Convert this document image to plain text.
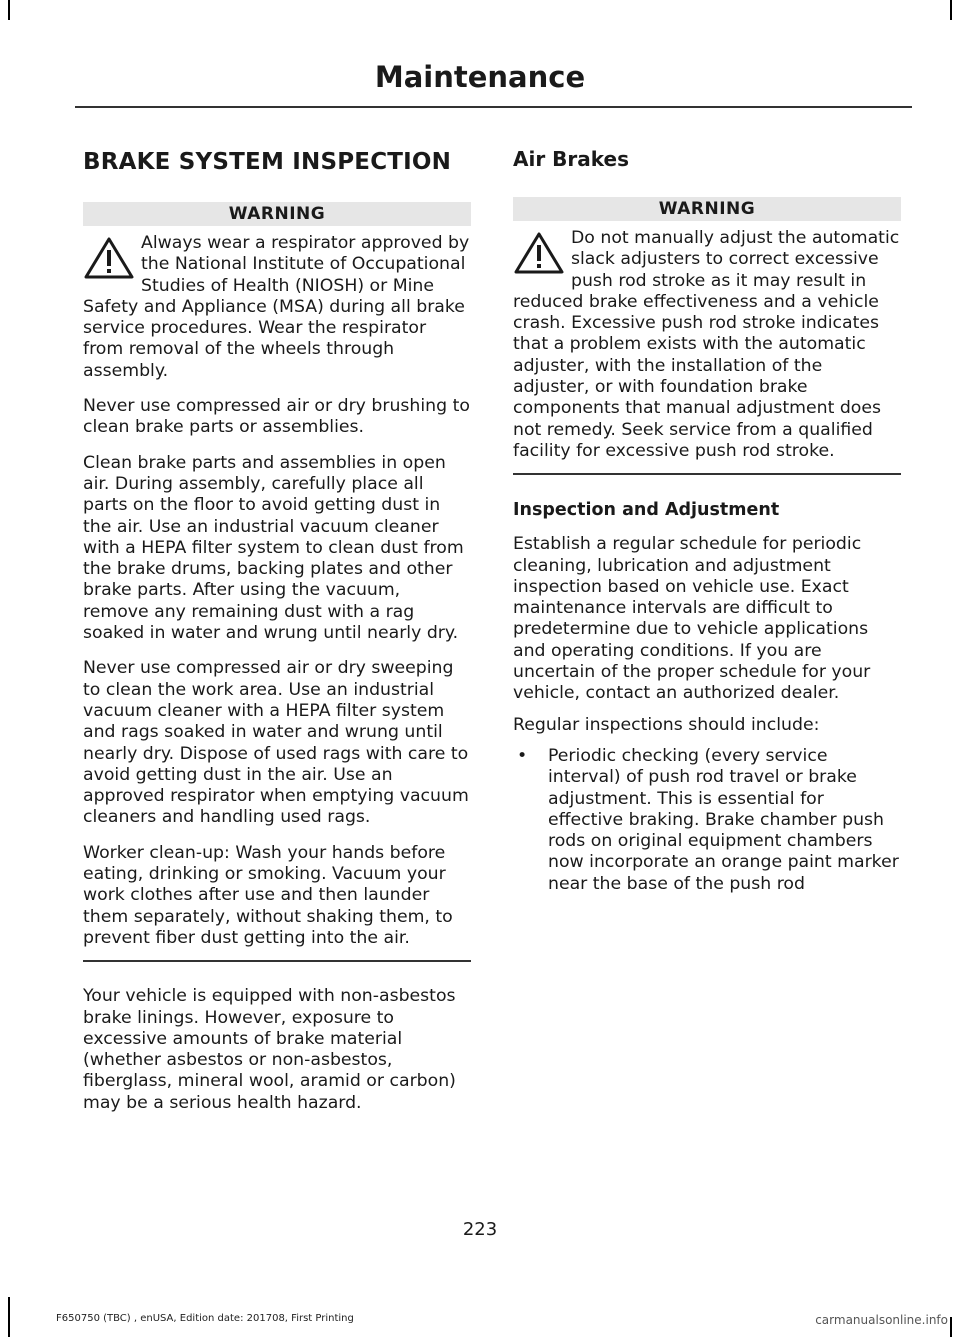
Maintenance
BRAKE SYSTEM INSPECTION
WARNING

Always wear a respirator approved by the National Institute of Occupational Studies of Health (NIOSH) or Mine Safety and Appliance (MSA) during all brake service procedures. Wear the respirator from removal of the wheels through assembly.

Never use compressed air or dry brushing to clean brake parts or assemblies.

Clean brake parts and assemblies in open air. During assembly, carefully place all parts on the floor to avoid getting dust in the air. Use an industrial vacuum cleaner with a HEPA filter system to clean dust from the brake drums, backing plates and other brake parts. After using the vacuum, remove any remaining dust with a rag soaked in water and wrung until nearly dry.

Never use compressed air or dry sweeping to clean the work area. Use an industrial vacuum cleaner with a HEPA filter system and rags soaked in water and wrung until nearly dry. Dispose of used rags with care to avoid getting dust in the air. Use an approved respirator when emptying vacuum cleaners and handling used rags.

Worker clean-up: Wash your hands before eating, drinking or smoking. Vacuum your work clothes after use and then launder them separately, without shaking them, to prevent fiber dust getting into the air.

Your vehicle is equipped with non-asbestos brake linings. However, exposure to excessive amounts of brake material (whether asbestos or non-asbestos, fiberglass, mineral wool, aramid or carbon) may be a serious health hazard.

Air Brakes
WARNING

Do not manually adjust the automatic slack adjusters to correct excessive push rod stroke as it may result in reduced brake effectiveness and a vehicle crash. Excessive push rod stroke indicates that a problem exists with the automatic adjuster, with the installation of the adjuster, or with foundation brake components that manual adjustment does not remedy. Seek service from a qualified facility for excessive push rod stroke.

Inspection and Adjustment

Establish a regular schedule for periodic cleaning, lubrication and adjustment inspection based on vehicle use. Exact maintenance intervals are difficult to predetermine due to vehicle applications and operating conditions. If you are uncertain of the proper schedule for your vehicle, contact an authorized dealer.

Regular inspections should include:

• Periodic checking (every service interval) of push rod travel or brake adjustment. This is essential for effective braking. Brake chamber push rods on original equipment chambers now incorporate an orange paint marker near the base of the push rod
223
F650750 (TBC) , enUSA, Edition date: 201708, First Printing	carmanualsonline.info
